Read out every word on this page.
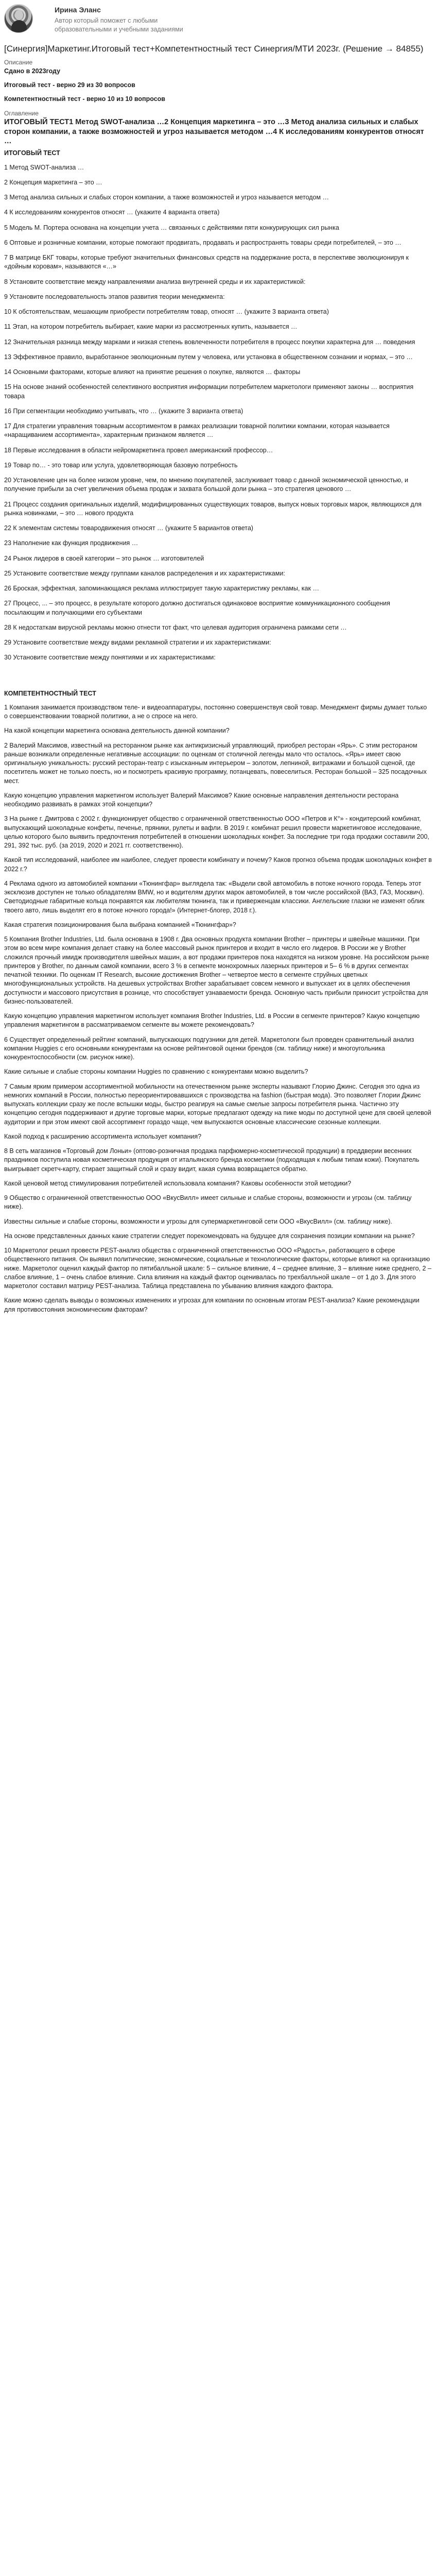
Ирина Эланс
Автор который поможет с любыми образовательными и учебными заданиями
[Синергия]Маркетинг.Итоговый тест+Компетентностный тест Синергия/МТИ 2023г. (Решение → 84855)
Описание
Сдано в 2023году
Итоговый тест - верно 29 из 30 вопросов
Компетентностный тест - верно 10 из 10 вопросов
Оглавление
ИТОГОВЫЙ ТЕСТ1 Метод SWOT-анализа …2 Концепция маркетинга – это …3 Метод анализа сильных и слабых сторон компании, а также возможностей и угроз называется методом …4 К исследованиям конкурентов относят …
ИТОГОВЫЙ ТЕСТ

1 Метод SWOT-анализа …

2 Концепция маркетинга – это …

3 Метод анализа сильных и слабых сторон компании, а также возможностей и угроз называется методом …

4 К исследованиям конкурентов относят … (укажите 4 варианта ответа)

5 Модель М. Портера основана на концепции учета … связанных с действиями пяти конкурирующих сил рынка

6 Оптовые и розничные компании, которые помогают продвигать, продавать и распространять товары среди потребителей, – это …

7 В матрице БКГ товары, которые требуют значительных финансовых средств на поддержание роста, в перспективе эволюционируя к «дойным коровам», называются «…»

8 Установите соответствие между направлениями анализа внутренней среды и их характеристикой:

9 Установите последовательность этапов развития теории менеджмента:

10 К обстоятельствам, мешающим приобрести потребителям товар, относят … (укажите 3 варианта ответа)

11 Этап, на котором потребитель выбирает, какие марки из рассмотренных купить, называется …

12 Значительная разница между марками и низкая степень вовлеченности потребителя в процесс покупки характерна для … поведения

13 Эффективное правило, выработанное эволюционным путем у человека, или установка в общественном сознании и нормах, – это …

14 Основными факторами, которые влияют на принятие решения о покупке, являются … факторы

15 На основе знаний особенностей селективного восприятия информации потребителем маркетологи применяют законы … восприятия товара

16 При сегментации необходимо учитывать, что … (укажите 3 варианта ответа)

17 Для стратегии управления товарным ассортиментом в рамках реализации товарной политики компании, которая называется «наращиванием ассортимента», характерным признаком является …

18 Первые исследования в области нейромаркетинга провел американский профессор…

19 Товар по… - это товар или услуга, удовлетворяющая базовую потребность

20 Установление цен на более низком уровне, чем, по мнению покупателей, заслуживает товар с данной экономической ценностью, и получение прибыли за счет увеличения объема продаж и захвата большой доли рынка – это стратегия ценового …

21 Процесс создания оригинальных изделий, модифицированных существующих товаров, выпуск новых торговых марок, являющихся для рынка новинками, – это … нового продукта

22 К элементам системы товародвижения относят … (укажите 5 вариантов ответа)

23 Наполнение как функция продвижения …

24 Рынок лидеров в своей категории – это рынок … изготовителей

25 Установите соответствие между группами каналов распределения и их характеристиками:

26 Броская, эффектная, запоминающаяся реклама иллюстрирует такую характеристику рекламы, как …

27 Процесс, ... – это процесс, в результате которого должно достигаться одинаковое восприятие коммуникационного сообщения посылающим и получающими его субъектами

28 К недостаткам вирусной рекламы можно отнести тот факт, что целевая аудитория ограничена рамками сети …

29 Установите соответствие между видами рекламной стратегии и их характеристиками:

30 Установите соответствие между понятиями и их характеристиками:

КОМПЕТЕНТНОСТНЫЙ ТЕСТ

1 Компания занимается производством теле- и видеоаппаратуры, постоянно совершенствуя свой товар. Менеджмент фирмы думает только о совершенствовании товарной политики, а не о спросе на него.

На какой концепции маркетинга основана деятельность данной компании?

2 Валерий Максимов, известный на ресторанном рынке как антикризисный управляющий, приобрел ресторан «Ярь». С этим рестораном раньше возникали определенные негативные ассоциации: по оценкам от столичной легенды мало что осталось. «Ярь» имеет свою оригинальную уникальность: русский ресторан-театр с изысканным интерьером – золотом, лепниной, витражами и большой сценой, где посетитель может не только поесть, но и посмотреть красивую программу, потанцевать, повеселиться. Ресторан большой – 325 посадочных мест.

Какую концепцию управления маркетингом использует Валерий Максимов? Какие основные направления деятельности ресторана необходимо развивать в рамках этой концепции?

3 На рынке г. Дмитрова с 2002 г. функционирует общество с ограниченной ответственностью ООО «Петров и К°» - кондитерский комбинат, выпускающий шоколадные конфеты, печенье, пряники, рулеты и вафли. В 2019 г. комбинат решил провести маркетинговое исследование, целью которого было выявить предпочтения потребителей в отношении шоколадных конфет. За последние три года продажи составили 200, 291, 392 тыс. руб. (за 2019, 2020 и 2021 гг. соответственно).

Какой тип исследований, наиболее им наиболее, следует провести комбинату и почему? Каков прогноз объема продаж шоколадных конфет в 2022 г.?

4 Реклама одного из автомобилей компании «Тюнингфар» выглядела так: «Выдели свой автомобиль в потоке ночного города. Теперь этот эксклюзив доступен не только обладателям BMW, но и водителям других марок автомобилей, в том числе российской (ВАЗ, ГАЗ, Москвич). Светодиодные габаритные кольца понравятся как любителям тюнинга, так и приверженцам классики. Англельские глазки не изменят облик твоего авто, лишь выделят его в потоке ночного города!» (Интернет-блогер, 2018 г.).

Какая стратегия позиционирования была выбрана компанией «Тюнингфар»?

5 Компания Brother Industries, Ltd. была основана в 1908 г. Два основных продукта компании Brother – принтеры и швейные машинки. При этом во всем мире компания делает ставку на более массовый рынок принтеров и входит в число его лидеров. В России же у Brother сложился прочный имидж производителя швейных машин, а вот продажи принтеров пока находятся на низком уровне. На российском рынке принтеров у Brother, по данным самой компании, всего 3 % в сегменте монохромных лазерных принтеров и 5– 6 % в других сегментах печатной техники. По оценкам IT Research, высокие достижения Brother – четвертое место в сегменте струйных цветных многофункциональных устройств. На дешевых устройствах Brother зарабатывает совсем немного и выпускает их в целях обеспечения доступности и массового присутствия в рознице, что способствует узнаваемости бренда. Основную часть прибыли приносит устройства для бизнес-пользователей.

Какую концепцию управления маркетингом использует компания Brother Industries, Ltd. в России в сегменте принтеров? Какую концепцию управления маркетингом в рассматриваемом сегменте вы можете рекомендовать?

6 Существует определенный рейтинг компаний, выпускающих подгузники для детей. Маркетологи был проведен сравнительный анализ компании Huggies с его основными конкурентами на основе рейтинговой оценки брендов (см. таблицу ниже) и многоугольника конкурентоспособности (см. рисунок ниже).

Какие сильные и слабые стороны компании Huggies по сравнению с конкурентами можно выделить?

7 Самым ярким примером ассортиментной мобильности на отечественном рынке эксперты называют Глорию Джинс. Сегодня это одна из немногих компаний в России, полностью переориентировавшихся с производства на fashion (быстрая мода). Это позволяет Глории Джинс выпускать коллекции сразу же после вспышки моды, быстро реагируя на самые смелые запросы потребителя рынка. Частично эту концепцию сегодня поддерживают и другие торговые марки, которые предлагают одежду на пике моды по доступной цене для своей целевой аудитории и при этом имеют свой ассортимент гораздо чаще, чем выпускаются основные классические сезонные коллекции.

Какой подход к расширению ассортимента использует компания?

8 В сеть магазинов «Торговый дом Лоньи» (оптово-розничная продажа парфюмерно-косметической продукции) в преддверии весенних праздников поступила новая косметическая продукция от итальянского бренда косметики (подходящая к любым типам кожи). Покупатель выигрывает скретч-карту, стирает защитный слой и сразу видит, какая сумма возвращается обратно.

Какой ценовой метод стимулирования потребителей использовала компания? Каковы особенности этой методики?

9 Общество с ограниченной ответственностью ООО «ВкусВилл» имеет сильные и слабые стороны, возможности и угрозы (см. таблицу ниже).

Известны сильные и слабые стороны, возможности и угрозы для супермаркетинговой сети ООО «ВкусВилл» (см. таблицу ниже).

На основе представленных данных какие стратегии следует порекомендовать на будущее для сохранения позиции компании на рынке?

10 Маркетолог решил провести PEST-анализ общества с ограниченной ответственностью ООО «Радость», работающего в сфере общественного питания. Он выявил политические, экономические, социальные и технологические факторы, которые влияют на организацию ниже. Маркетолог оценил каждый фактор по пятибалльной шкале: 5 – сильное влияние, 4 – среднее влияние, 3 – влияние ниже среднего, 2 – слабое влияние, 1 – очень слабое влияние. Сила влияния на каждый фактор оценивалась по трехбалльной шкале – от 1 до 3. Для этого маркетолог составил матрицу PEST-анализа. Таблица представлена по убыванию влияния каждого фактора.

Какие можно сделать выводы о возможных изменениях и угрозах для компании по основным итогам PEST-анализа? Какие рекомендации для противостояния экономическим факторам?
